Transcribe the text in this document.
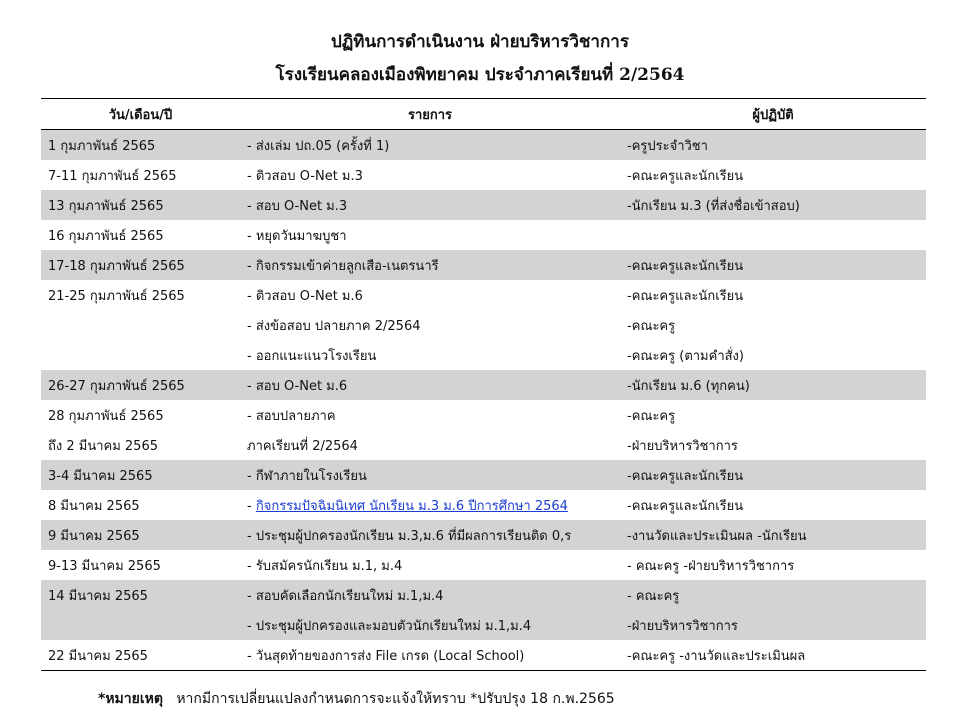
ปฏิทินการดำเนินงาน ฝ่ายบริหารวิชาการ
โรงเรียนคลองเมืองพิทยาคม ประจำภาคเรียนที่ 2/2564
วัน/เดือน/ปี	รายการ	ผู้ปฏิบัติ
1 กุมภาพันธ์ 2565	- ส่งเล่ม ปถ.05 (ครั้งที่ 1)	-ครูประจำวิชา
7-11 กุมภาพันธ์ 2565	- ติวสอบ O-Net ม.3	-คณะครูและนักเรียน
13 กุมภาพันธ์ 2565	- สอบ O-Net ม.3	-นักเรียน ม.3 (ที่ส่งชื่อเข้าสอบ)
16 กุมภาพันธ์ 2565	- หยุดวันมาฆบูชา	
17-18 กุมภาพันธ์ 2565	- กิจกรรมเข้าค่ายลูกเสือ-เนตรนารี	-คณะครูและนักเรียน
21-25 กุมภาพันธ์ 2565	- ติวสอบ O-Net ม.6	-คณะครูและนักเรียน
	- ส่งข้อสอบ ปลายภาค 2/2564	-คณะครู
	- ออกแนะแนวโรงเรียน	-คณะครู (ตามคำสั่ง)
26-27 กุมภาพันธ์ 2565	- สอบ O-Net ม.6	-นักเรียน ม.6 (ทุกคน)
28 กุมภาพันธ์ 2565	- สอบปลายภาค	-คณะครู
ถึง 2 มีนาคม 2565	ภาคเรียนที่ 2/2564	-ฝ่ายบริหารวิชาการ
3-4 มีนาคม 2565	- กีฬาภายในโรงเรียน	-คณะครูและนักเรียน
8 มีนาคม 2565	- กิจกรรมปัจฉิมนิเทศ นักเรียน ม.3 ม.6 ปีการศึกษา 2564	-คณะครูและนักเรียน
9 มีนาคม 2565	- ประชุมผู้ปกครองนักเรียน ม.3,ม.6 ที่มีผลการเรียนติด 0,ร	-งานวัดและประเมินผล -นักเรียน
9-13 มีนาคม 2565	- รับสมัครนักเรียน ม.1, ม.4	- คณะครู -ฝ่ายบริหารวิชาการ
14 มีนาคม 2565	- สอบคัดเลือกนักเรียนใหม่ ม.1,ม.4	- คณะครู
	- ประชุมผู้ปกครองและมอบตัวนักเรียนใหม่ ม.1,ม.4	-ฝ่ายบริหารวิชาการ
22 มีนาคม 2565	- วันสุดท้ายของการส่ง File เกรด (Local School)	-คณะครู -งานวัดและประเมินผล
*หมายเหตุ หากมีการเปลี่ยนแปลงกำหนดการจะแจ้งให้ทราบ *ปรับปรุง 18 ก.พ.2565
